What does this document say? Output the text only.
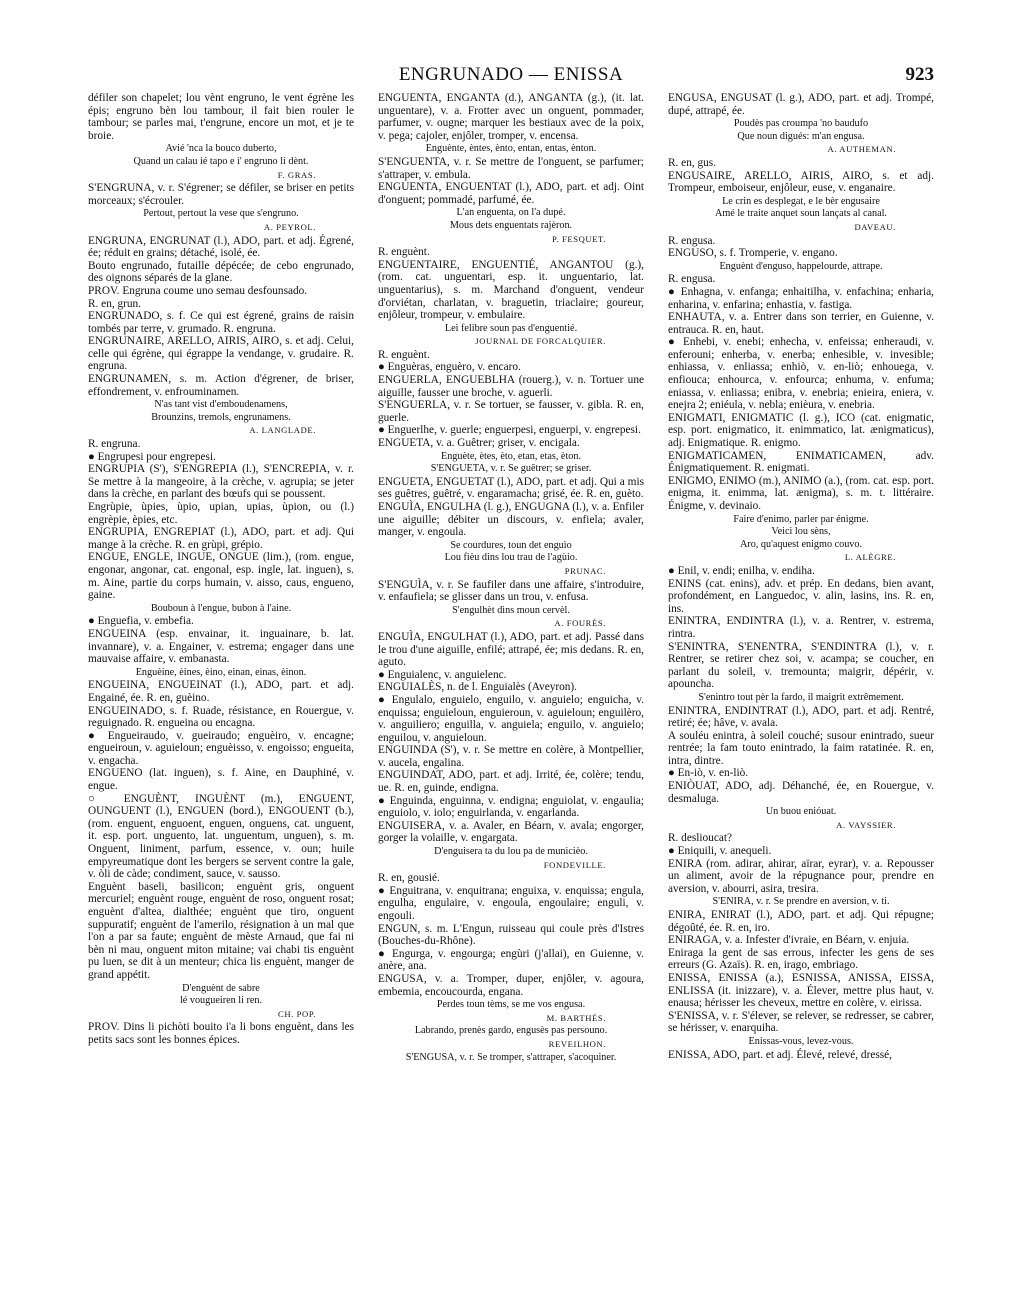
ENGRUNADO — ENISSA	923

défiler son chapelet; lou vènt engruno, le vent égrène les épis; engruno bèn lou tambour, il fait bien rouler le tambour; se parles mai, t'engrune, encore un mot, et je te broie.

Avié 'nca la bouco duberto,

Quand un calau ié tapo e i' engruno li dènt.

F. GRAS.

S'ENGRUNA, v. r. S'égrener; se défiler, se briser en petits morceaux; s'écrouler.

Pertout, pertout la vese que s'engruno.

A. PEYROL.

ENGRUNA, ENGRUNAT (l.), ADO, part. et adj. Égrené, ée; réduit en grains; détaché, isolé, ée.

Bouto engrunado, futaille dépécée; de cebo engrunado, des oignons séparés de la glane.

PROV. Engruna coume uno semau desfounsado.

R. en, grun.

ENGRUNADO, s. f. Ce qui est égrené, grains de raisin tombés par terre, v. grumado. R. engruna.

ENGRUNAIRE, ARELLO, AIRIS, AIRO, s. et adj. Celui, celle qui égrène, qui égrappe la vendange, v. grudaire. R. engruna.

ENGRUNAMEN, s. m. Action d'égrener, de briser, effondrement, v. enfrouminamen.

N'as tant vist d'emboudenamens,

Brounzins, tremols, engrunamens.

A. LANGLADE.

R. engruna.

● Engrupesi pour engrepesi.

ENGRUPIA (S'), S'ENGREPIA (l.), S'ENCREPIA, v. r. Se mettre à la mangeoire, à la crèche, v. agrupia; se jeter dans la crèche, en parlant des bœufs qui se poussent.

Engrùpie, ùpies, ùpio, upian, upias, ùpion, ou (l.) engrèpie, èpies, etc.

ENGRUPIA, ENGREPIAT (l.), ADO, part. et adj. Qui mange à la crèche. R. en grùpi, grépio.

ENGUE, ENGLE, INGUE, ONGUE (lim.), (rom. engue, engonar, angonar, cat. engonal, esp. ingle, lat. inguen), s. m. Aine, partie du corps humain, v. aisso, caus, engueno, gaine.

Bouboun à l'engue, bubon à l'aine.

● Enguefia, v. embefia.

ENGUEINA (esp. envainar, it. inguainare, b. lat. invannare), v. a. Engainer, v. estrema; engager dans une mauvaise affaire, v. embanasta.

Enguèine, èines, èino, einan, einas, èinon.

ENGUEINA, ENGUEINAT (l.), ADO, part. et adj. Engainé, ée. R. en, guèino.

ENGUEINADO, s. f. Ruade, résistance, en Rouergue, v. reguignado. R. engueina ou encagna.

● Engueiraudo, v. gueiraudo; enguèiro, v. encagne; engueiroun, v. aguieloun; enguèisso, v. engoisso; engueita, v. engacha.

ENGUENO (lat. inguen), s. f. Aine, en Dauphiné, v. engue.

○ ENGUÈNT, INGUÈNT (m.), ENGUENT, OUNGUENT (l.), ENGUEN (bord.), ENGOUENT (b.), (rom. enguent, enguoent, enguen, onguens, cat. unguent, it. esp. port. unguento, lat. unguentum, unguen), s. m. Onguent, liniment, parfum, essence, v. oun; huile empyreumatique dont les bergers se servent contre la gale, v. òli de càde; condiment, sauce, v. sausso.

Enguènt baseli, basilicon; enguènt gris, onguent mercuriel; enguènt rouge, enguènt de roso, onguent rosat; enguènt d'altea, dialthée; enguènt que tiro, onguent suppuratif; enguènt de l'amerilo, résignation à un mal que l'on a par sa faute; enguènt de mèste Arnaud, que fai ni bèn ni mau, onguent miton mitaine; vai chabi tis enguènt pu luen, se dit à un menteur; chica lis enguènt, manger de grand appétit.

D'enguènt de sabre

lé vougueiren li ren.

CH. POP.

PROV. Dins li pichòti bouito i'a li bons enguènt, dans les petits sacs sont les bonnes épices.

ENGUENTA, ENGANTA (d.), ANGANTA (g.), (it. lat. unguentare), v. a. Frotter avec un onguent, pommader, parfumer, v. ougne; marquer les bestiaux avec de la poix, v. pega; cajoler, enjôler, tromper, v. encensa.

Enguènte, èntes, ènto, entan, entas, ènton.

S'ENGUENTA, v. r. Se mettre de l'onguent, se parfumer; s'attraper, v. embula.

ENGUENTA, ENGUENTAT (l.), ADO, part. et adj. Oint d'onguent; pommadé, parfumé, ée.

L'an enguenta, on l'a dupé.

Mous dets enguentats rajèron.

P. FESQUET.

R. enguènt.

ENGUENTAIRE, ENGUENTIÉ, ANGANTOU (g.), (rom. cat. unguentari, esp. it. unguentario, lat. unguentarius), s. m. Marchand d'onguent, vendeur d'orviétan, charlatan, v. braguetin, triaclaire; goureur, enjôleur, trompeur, v. embulaire.

Lei felibre soun pas d'enguentié.

JOURNAL DE FORCALQUIER.

R. enguènt.

● Enguèras, enguèro, v. encaro.

ENGUERLA, ENGUEBLHA (rouerg.), v. n. Tortuer une aiguille, fausser une broche, v. aguerli.

S'ENGUERLA, v. r. Se tortuer, se fausser, v. gibla. R. en, guerle.

● Enguerlhe, v. guerle; enguerpesi, enguerpi, v. engrepesi.

ENGUETA, v. a. Guêtrer; griser, v. encigala.

Enguète, ètes, èto, etan, etas, èton.

S'ENGUETA, v. r. Se guêtrer; se griser.

ENGUETA, ENGUETAT (l.), ADO, part. et adj. Qui a mis ses guêtres, guêtré, v. engaramacha; grisé, ée. R. en, guèto.

ENGUÌA, ENGULHA (l. g.), ENGUGNA (l.), v. a. Enfiler une aiguille; débiter un discours, v. enfiela; avaler, manger, v. engoula.

Se courdures, toun det enguìo

Lou fièu dins lou trau de l'agùio.

PRUNAC.

S'ENGUÌA, v. r. Se faufiler dans une affaire, s'introduire, v. enfaufiela; se glisser dans un trou, v. enfusa.

S'engulhèt dins moun cervèl.

A. FOURÈS.

ENGUÌA, ENGULHAT (l.), ADO, part. et adj. Passé dans le trou d'une aiguille, enfilé; attrapé, ée; mis dedans. R. en, aguto.

● Enguialenc, v. anguielenc.

ENGUIALÈS, n. de l. Enguialès (Aveyron).

● Engulalo, enguielo, enguilo, v. anguielo; enguicha, v. enquissa; enguieloun, enguieroun, v. aguieloun; enguilèro, v. anguiliero; enguilla, v. anguiela; enguilo, v. anguielo; enguilou, v. anguieloun.

ENGUINDA (S'), v. r. Se mettre en colère, à Montpellier, v. aucela, engalina.

ENGUINDAT, ADO, part. et adj. Irrité, ée, colère; tendu, ue. R. en, guinde, endigna.

● Enguinda, enguinna, v. endigna; enguiolat, v. engaulia; enguiolo, v. iolo; enguirlanda, v. engarlanda.

ENGUISERA, v. a. Avaler, en Béarn, v. avala; engorger, gorger la volaille, v. engargata.

D'enguisera ta du lou pa de municièo.

FONDEVILLE.

R. en, gousié.

● Enguitrana, v. enquitrana; enguixa, v. enquissa; engula, engulha, engulaire, v. engoula, engoulaire; enguli, v. engouli.

ENGUN, s. m. L'Engun, ruisseau qui coule près d'Istres (Bouches-du-Rhône).

● Engurga, v. engourga; engùri (j'allai), en Guienne, v. anère, ana.

ENGUSA, v. a. Tromper, duper, enjôler, v. agoura, embemia, encoucourda, engana.

Perdes toun tèms, se me vos engusa.

M. BARTHÉS.

Labrando, prenès gardo, engusès pas persouno.

REVEILHON.

S'ENGUSA, v. r. Se tromper, s'attraper, s'acoquiner.

ENGUSA, ENGUSAT (l. g.), ADO, part. et adj. Trompé, dupé, attrapé, ée.

Poudès pas croumpa 'no baudufo

Que noun digués: m'an engusa.

A. AUTHEMAN.

R. en, gus.

ENGUSAIRE, ARELLO, AIRIS, AIRO, s. et adj. Trompeur, emboiseur, enjôleur, euse, v. enganaire.

Le crin es desplegat, e le bèr engusaire

Amé le traite anquet soun lançats al canal.

DAVEAU.

R. engusa.

ENGUSO, s. f. Tromperie, v. engano.

Enguènt d'enguso, happelourde, attrape.

R. engusa.

● Enhagna, v. enfanga; enhaitilha, v. enfachina; enharia, enharina, v. enfarina; enhastia, v. fastiga.

ENHAUTA, v. a. Entrer dans son terrier, en Guienne, v. entrauca. R. en, haut.

● Enhebi, v. enebi; enhecha, v. enfeissa; enheraudi, v. enferouni; enherba, v. enerba; enhesible, v. invesible; enhiassa, v. enliassa; enhiò, v. en-liò; enhouega, v. enfiouca; enhourca, v. enfourca; enhuma, v. enfuma; eniassa, v. enliassa; enibra, v. enebria; enieira, eniera, v. enejra 2; eniéula, v. nebla; enièura, v. enebria.

ENIGMATI, ENIGMATIC (l. g.), ICO (cat. enigmatic, esp. port. enigmatico, it. enimmatico, lat. ænigmaticus), adj. Enigmatique. R. enigmo.

ENIGMATICAMEN, ENIMATICAMEN, adv. Énigmatiquement. R. enigmati.

ENIGMO, ENIMO (m.), ANIMO (a.), (rom. cat. esp. port. enigma, it. enimma, lat. ænigma), s. m. t. littéraire. Énigme, v. devinaio.

Faire d'enimo, parler par énigme.

Veici lou sèns,

Aro, qu'aquest enigmo couvo.

L. ALÈGRE.

● Enil, v. endi; enilha, v. endiha.

ENINS (cat. enins), adv. et prép. En dedans, bien avant, profondément, en Languedoc, v. alin, lasins, ins. R. en, ins.

ENINTRA, ENDINTRA (l.), v. a. Rentrer, v. estrema, rintra.

S'ENINTRA, S'ENENTRA, S'ENDINTRA (l.), v. r. Rentrer, se retirer chez soi, v. acampa; se coucher, en parlant du soleil, v. tremounta; maigrir, dépérir, v. apouncha.

S'enintro tout pèr la fardo, il maigrit extrêmement.

ENINTRA, ENDINTRAT (l.), ADO, part. et adj. Rentré, retiré; ée; hâve, v. avala.

A souléu enintra, à soleil couché; susour enintrado, sueur rentrée; la fam touto enintrado, la faim ratatinée. R. en, intra, dintre.

● En-iò, v. en-liò.

ENIÒUAT, ADO, adj. Déhanché, ée, en Rouergue, v. desmaluga.

Un buou enióuat.

A. VAYSSIER.

R. deslioucat?

● Eniquili, v. anequeli.

ENIRA (rom. adirar, ahirar, aïrar, eyrar), v. a. Repousser un aliment, avoir de la répugnance pour, prendre en aversion, v. abourri, asira, tresira.

S'ENIRA, v. r. Se prendre en aversion, v. ti.

ENIRA, ENIRAT (l.), ADO, part. et adj. Qui répugne; dégoûté, ée. R. en, iro.

ENIRAGA, v. a. Infester d'ivraie, en Béarn, v. enjuia.

Eniraga la gent de sas errous, infecter les gens de ses erreurs (G. Azaïs). R. en, irago, embriago.

ENISSA, ENISSA (a.), ESNISSA, ANISSA, EISSA, ENLISSA (it. inizzare), v. a. Élever, mettre plus haut, v. enausa; hérisser les cheveux, mettre en colère, v. eirissa.

S'ENISSA, v. r. S'élever, se relever, se redresser, se cabrer, se hérisser, v. enarquiha.

Enissas-vous, levez-vous.

ENISSA, ADO, part. et adj. Élevé, relevé, dressé,
